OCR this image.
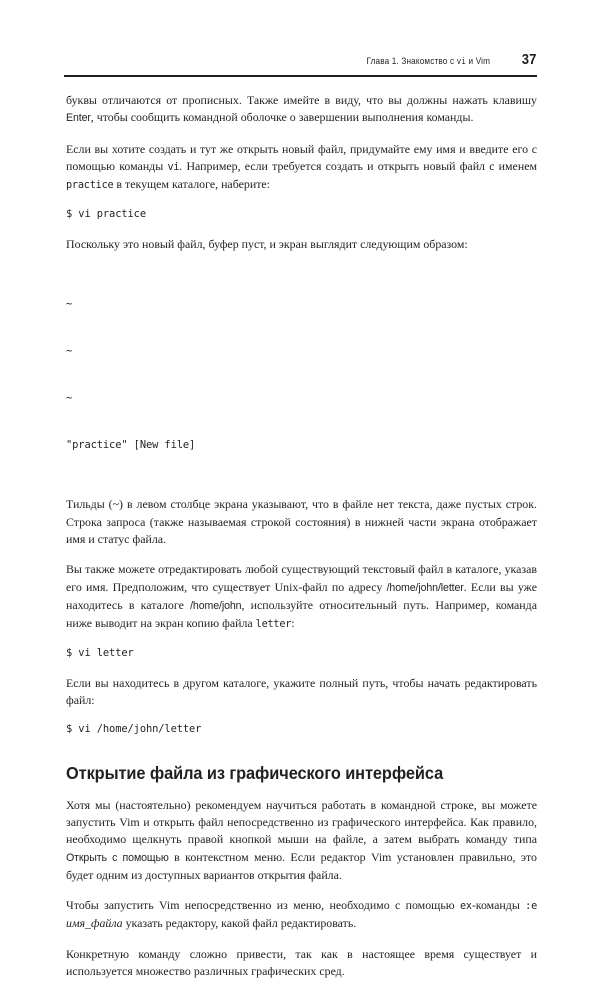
Глава 1. Знакомство с vi и Vim 37

буквы отличаются от прописных. Также имейте в виду, что вы должны нажать клавишу Enter, чтобы сообщить командной оболочке о завершении выполнения команды.

Если вы хотите создать и тут же открыть новый файл, придумайте ему имя и введите его с помощью команды vi. Например, если требуется создать и открыть новый файл с именем practice в текущем каталоге, наберите:

$ vi practice

Поскольку это новый файл, буфер пуст, и экран выглядит следующим образом:

~

~

~

"practice" [New file]

Тильды (~) в левом столбце экрана указывают, что в файле нет текста, даже пустых строк. Строка запроса (также называемая строкой состояния) в нижней части экрана отображает имя и статус файла.

Вы также можете отредактировать любой существующий текстовый файл в каталоге, указав его имя. Предположим, что существует Unix-файл по адресу /home/john/letter. Если вы уже находитесь в каталоге /home/john, используйте относительный путь. Например, команда ниже выводит на экран копию файла letter:

$ vi letter

Если вы находитесь в другом каталоге, укажите полный путь, чтобы начать редактировать файл:

$ vi /home/john/letter
Открытие файла из графического интерфейса

Хотя мы (настоятельно) рекомендуем научиться работать в командной строке, вы можете запустить Vim и открыть файл непосредственно из графического интерфейса. Как правило, необходимо щелкнуть правой кнопкой мыши на файле, а затем выбрать команду типа Открыть с помощью в контекстном меню. Если редактор Vim установлен правильно, это будет одним из доступных вариантов открытия файла.

Чтобы запустить Vim непосредственно из меню, необходимо с помощью ex-команды :e имя_файла указать редактору, какой файл редактировать.

Конкретную команду сложно привести, так как в настоящее время существует и используется множество различных графических сред.
